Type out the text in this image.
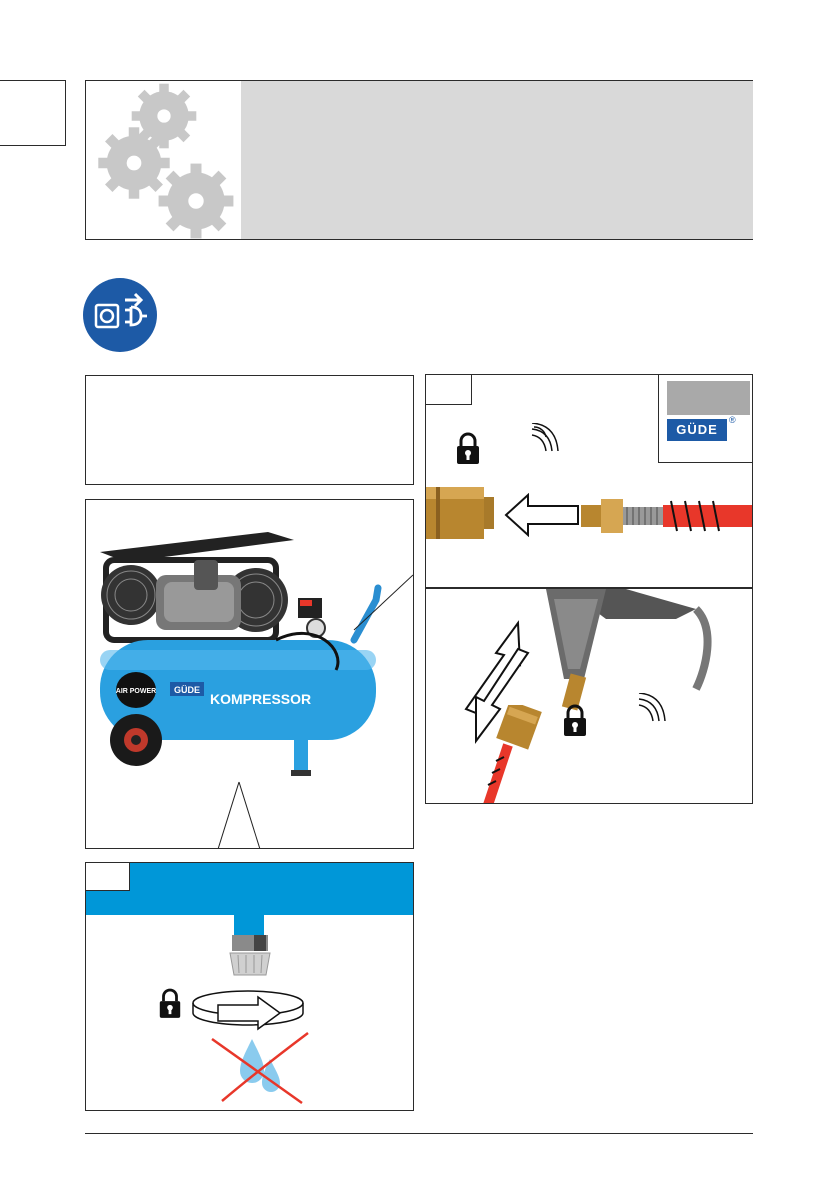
GÜDE
KOMPRESSOR
AIR POWER
GÜDE
®
